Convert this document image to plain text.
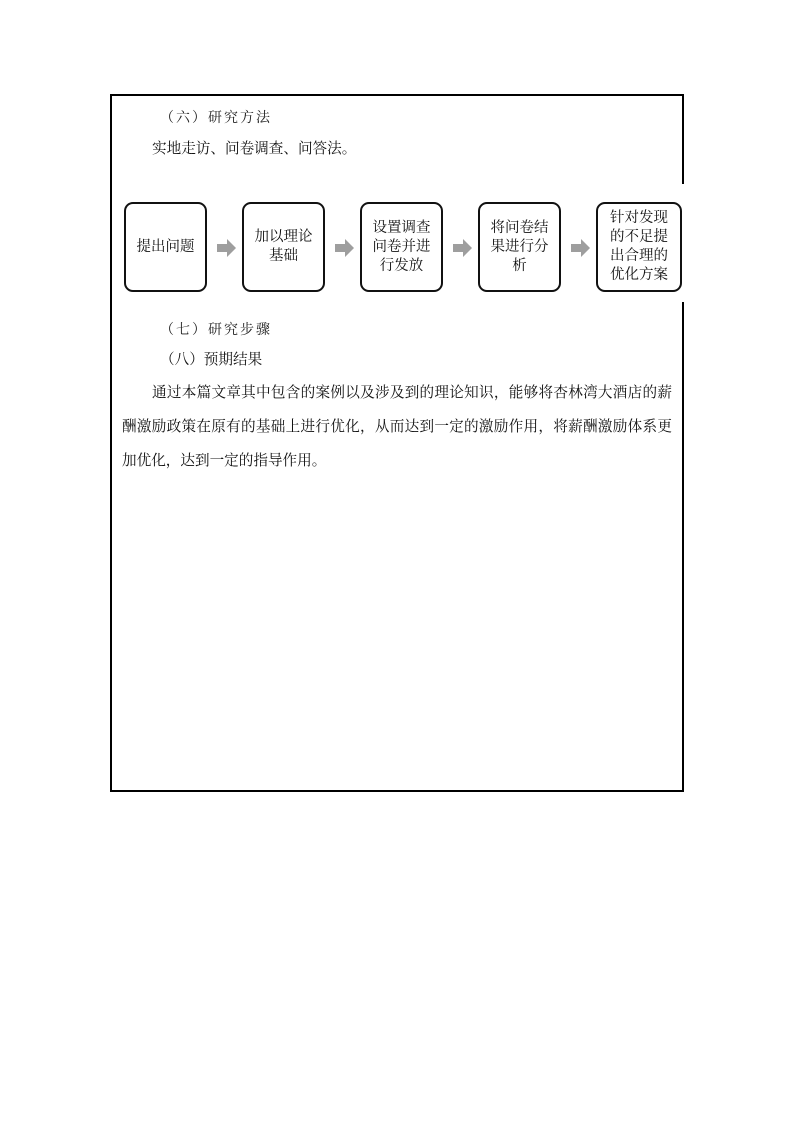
（六）研究方法
实地走访、问卷调查、问答法。
提出问题
加以理论基础
设置调查问卷并进行发放
将问卷结果进行分析
针对发现的不足提出合理的优化方案
（七）研究步骤
（八）预期结果
通过本篇文章其中包含的案例以及涉及到的理论知识，能够将杏林湾大酒店的薪酬激励政策在原有的基础上进行优化，从而达到一定的激励作用，将薪酬激励体系更加优化，达到一定的指导作用。
